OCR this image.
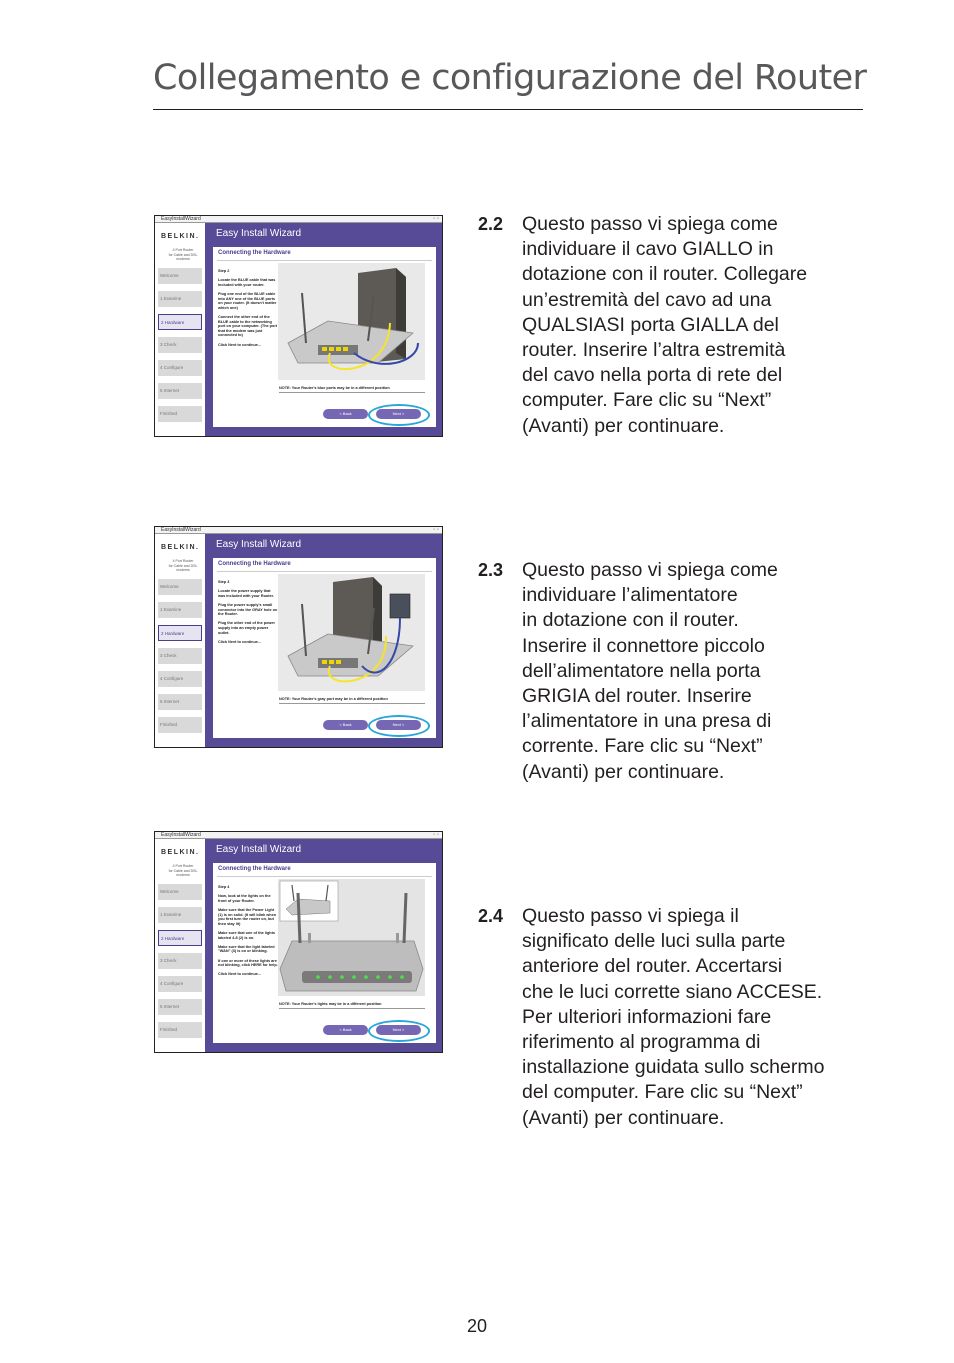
Collegamento e configurazione del Router
EasyInstallWizard	◦ ◦
BELKIN.
4 Port Router
for Cable and DSL modems
Welcome
1 Examine
2 Hardware
3 Check
4 Configure
5 Internet
Finished
Easy Install Wizard
Connecting the Hardware
Step 2

Locate the BLUE cable that was included with your router.

Plug one end of the BLUE cable into ANY one of the BLUE ports on your router. (It doesn't matter which one)

Connect the other end of the BLUE cable to the networking port on your computer. (The port that the modem was just connected to)

Click Next to continue...
NOTE: Your Router's blue ports may be in a different position
< Back	Next >
EasyInstallWizard	◦ ◦
BELKIN.
4 Port Router
for Cable and DSL modems
Welcome
1 Examine
2 Hardware
3 Check
4 Configure
5 Internet
Finished
Easy Install Wizard
Connecting the Hardware
Step 3

Locate the power supply that was included with your Router.

Plug the power supply's small connector into the GRAY hole on the Router.

Plug the other end of the power supply into an empty power outlet.

Click Next to continue...
NOTE: Your Router's gray port may be in a different position
< Back	Next >
EasyInstallWizard	◦ ◦
BELKIN.
4 Port Router
for Cable and DSL modems
Welcome
1 Examine
2 Hardware
3 Check
4 Configure
5 Internet
Finished
Easy Install Wizard
Connecting the Hardware
Step 4

Now, look at the lights on the front of your Router.

Make sure that the Power Light (1) is on solid. (It will blink when you first turn the router on, but then stay lit)

Make sure that one of the lights labeled 4-8 (2) is on.

Make sure that the light labeled "WAN" (3) is on or blinking.

If one or more of these lights are not blinking, click HERE for help.

Click Next to continue...
NOTE: Your Router's lights may be in a different position
< Back	Next >
2.2 Questo passo vi spiega come
individuare il cavo GIALLO in
dotazione con il router. Collegare
un’estremità del cavo ad una
QUALSIASI porta GIALLA del
router. Inserire l’altra estremità
del cavo nella porta di rete del
computer. Fare clic su “Next”
(Avanti) per continuare.
2.3 Questo passo vi spiega come
individuare l’alimentatore
in dotazione con il router.
Inserire il connettore piccolo
dell’alimentatore nella porta
GRIGIA del router. Inserire
l’alimentatore in una presa di
corrente. Fare clic su “Next”
(Avanti) per continuare.
2.4 Questo passo vi spiega il
significato delle luci sulla parte
anteriore del router. Accertarsi
che le luci corrette siano ACCESE.
Per ulteriori informazioni fare
riferimento al programma di
installazione guidata sullo schermo
del computer. Fare clic su “Next”
(Avanti) per continuare.
20
